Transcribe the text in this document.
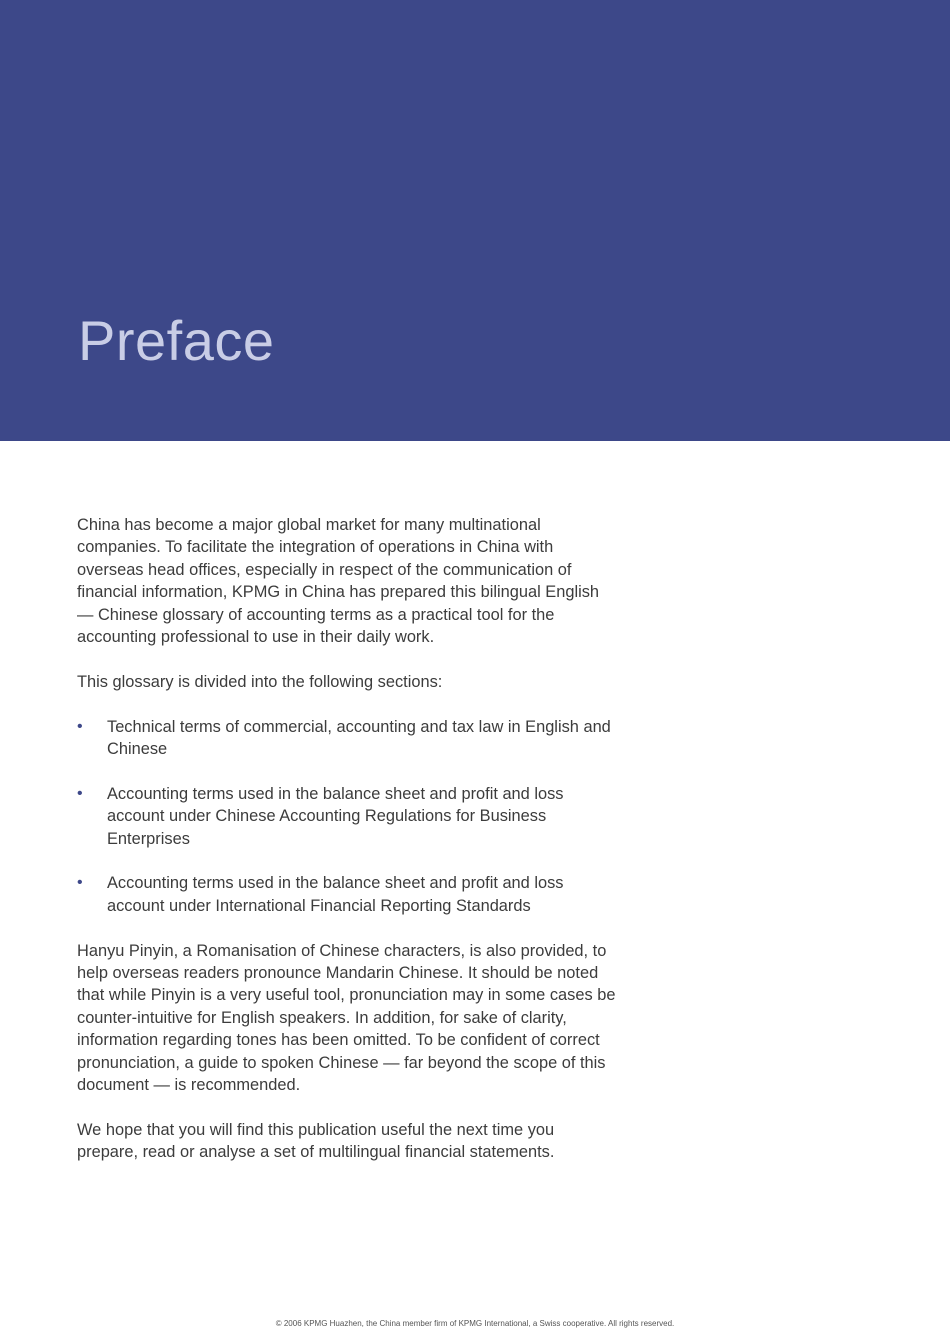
Preface

China has become a major global market for many multinational companies. To facilitate the integration of operations in China with overseas head offices, especially in respect of the communication of financial information, KPMG in China has prepared this bilingual English — Chinese glossary of accounting terms as a practical tool for the accounting professional to use in their daily work.

This glossary is divided into the following sections:

• Technical terms of commercial, accounting and tax law in English and Chinese
• Accounting terms used in the balance sheet and profit and loss account under Chinese Accounting Regulations for Business Enterprises
• Accounting terms used in the balance sheet and profit and loss account under International Financial Reporting Standards

Hanyu Pinyin, a Romanisation of Chinese characters, is also provided, to help overseas readers pronounce Mandarin Chinese. It should be noted that while Pinyin is a very useful tool, pronunciation may in some cases be counter-intuitive for English speakers. In addition, for sake of clarity, information regarding tones has been omitted. To be confident of correct pronunciation, a guide to spoken Chinese — far beyond the scope of this document — is recommended.

We hope that you will find this publication useful the next time you prepare, read or analyse a set of multilingual financial statements.

© 2006 KPMG Huazhen, the China member firm of KPMG International, a Swiss cooperative. All rights reserved.
